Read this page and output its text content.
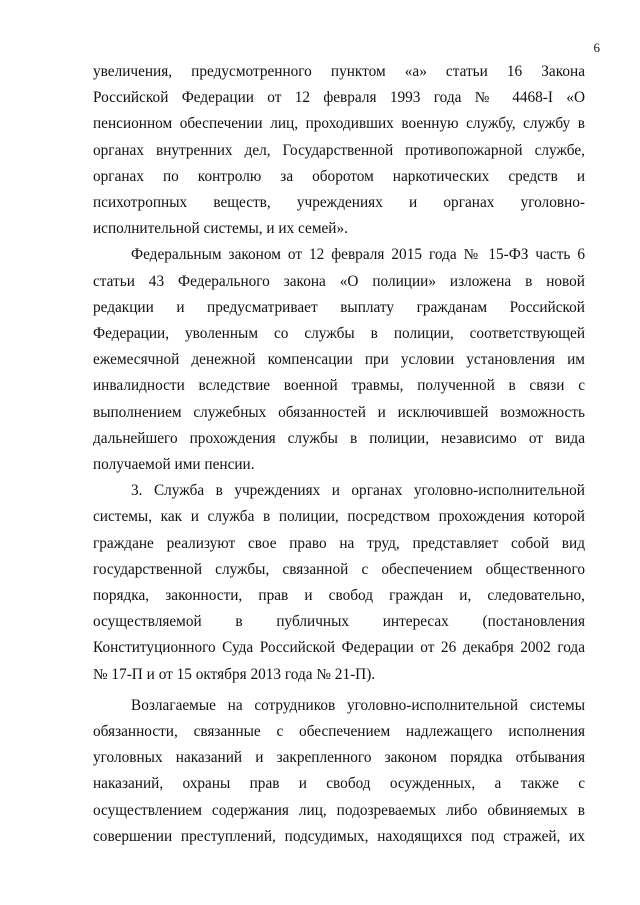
6
увеличения, предусмотренного пунктом «а» статьи 16 Закона
Российской Федерации от 12 февраля 1993 года № 4468-I «О
пенсионном обеспечении лиц, проходивших военную службу, службу в
органах внутренних дел, Государственной противопожарной службе,
органах по контролю за оборотом наркотических средств и
психотропных веществ, учреждениях и органах уголовно-
исполнительной системы, и их семей».
Федеральным законом от 12 февраля 2015 года № 15-ФЗ часть 6
статьи 43 Федерального закона «О полиции» изложена в новой
редакции и предусматривает выплату гражданам Российской
Федерации, уволенным со службы в полиции, соответствующей
ежемесячной денежной компенсации при условии установления им
инвалидности вследствие военной травмы, полученной в связи с
выполнением служебных обязанностей и исключившей возможность
дальнейшего прохождения службы в полиции, независимо от вида
получаемой ими пенсии.
3. Служба в учреждениях и органах уголовно-исполнительной
системы, как и служба в полиции, посредством прохождения которой
граждане реализуют свое право на труд, представляет собой вид
государственной службы, связанной с обеспечением общественного
порядка, законности, прав и свобод граждан и, следовательно,
осуществляемой в публичных интересах (постановления
Конституционного Суда Российской Федерации от 26 декабря 2002 года
№ 17-П и от 15 октября 2013 года № 21-П).
Возлагаемые на сотрудников уголовно-исполнительной системы
обязанности, связанные с обеспечением надлежащего исполнения
уголовных наказаний и закрепленного законом порядка отбывания
наказаний, охраны прав и свобод осужденных, а также с
осуществлением содержания лиц, подозреваемых либо обвиняемых в
совершении преступлений, подсудимых, находящихся под стражей, их
